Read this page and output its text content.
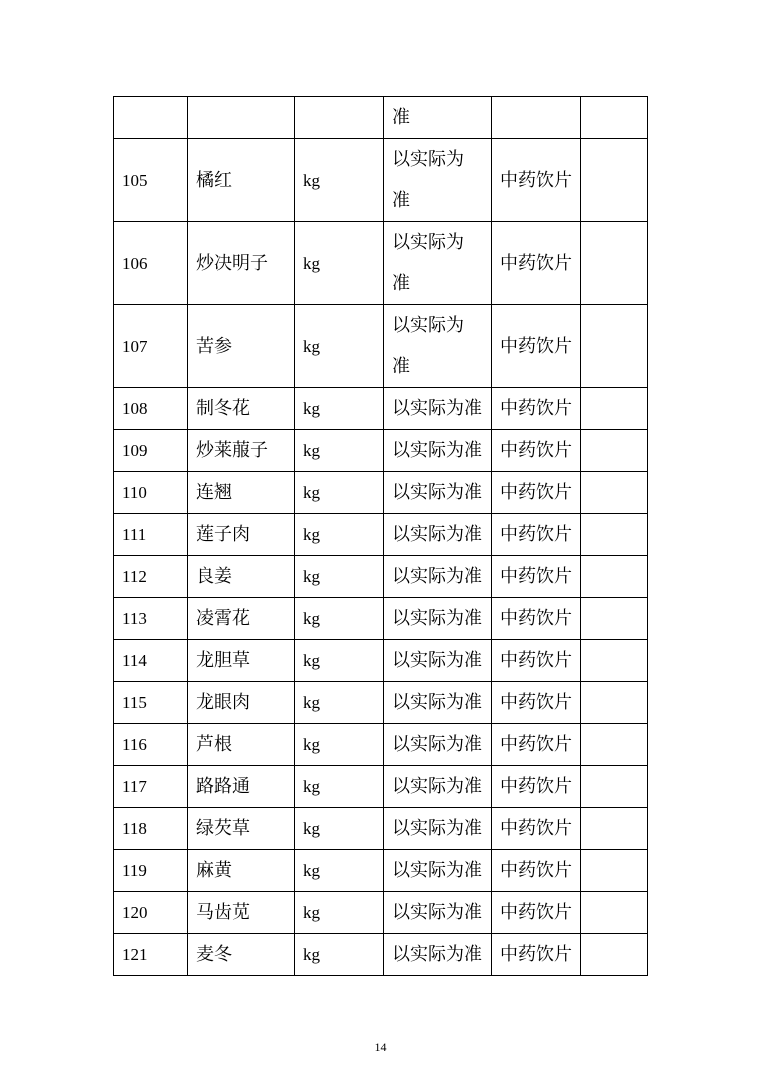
			准		
105	橘红	kg	以实际为
准	中药饮片	
106	炒决明子	kg	以实际为
准	中药饮片	
107	苦参	kg	以实际为
准	中药饮片	
108	制冬花	kg	以实际为准	中药饮片	
109	炒莱菔子	kg	以实际为准	中药饮片	
110	连翘	kg	以实际为准	中药饮片	
111	莲子肉	kg	以实际为准	中药饮片	
112	良姜	kg	以实际为准	中药饮片	
113	凌霄花	kg	以实际为准	中药饮片	
114	龙胆草	kg	以实际为准	中药饮片	
115	龙眼肉	kg	以实际为准	中药饮片	
116	芦根	kg	以实际为准	中药饮片	
117	路路通	kg	以实际为准	中药饮片	
118	绿芡草	kg	以实际为准	中药饮片	
119	麻黄	kg	以实际为准	中药饮片	
120	马齿苋	kg	以实际为准	中药饮片	
121	麦冬	kg	以实际为准	中药饮片	
14
